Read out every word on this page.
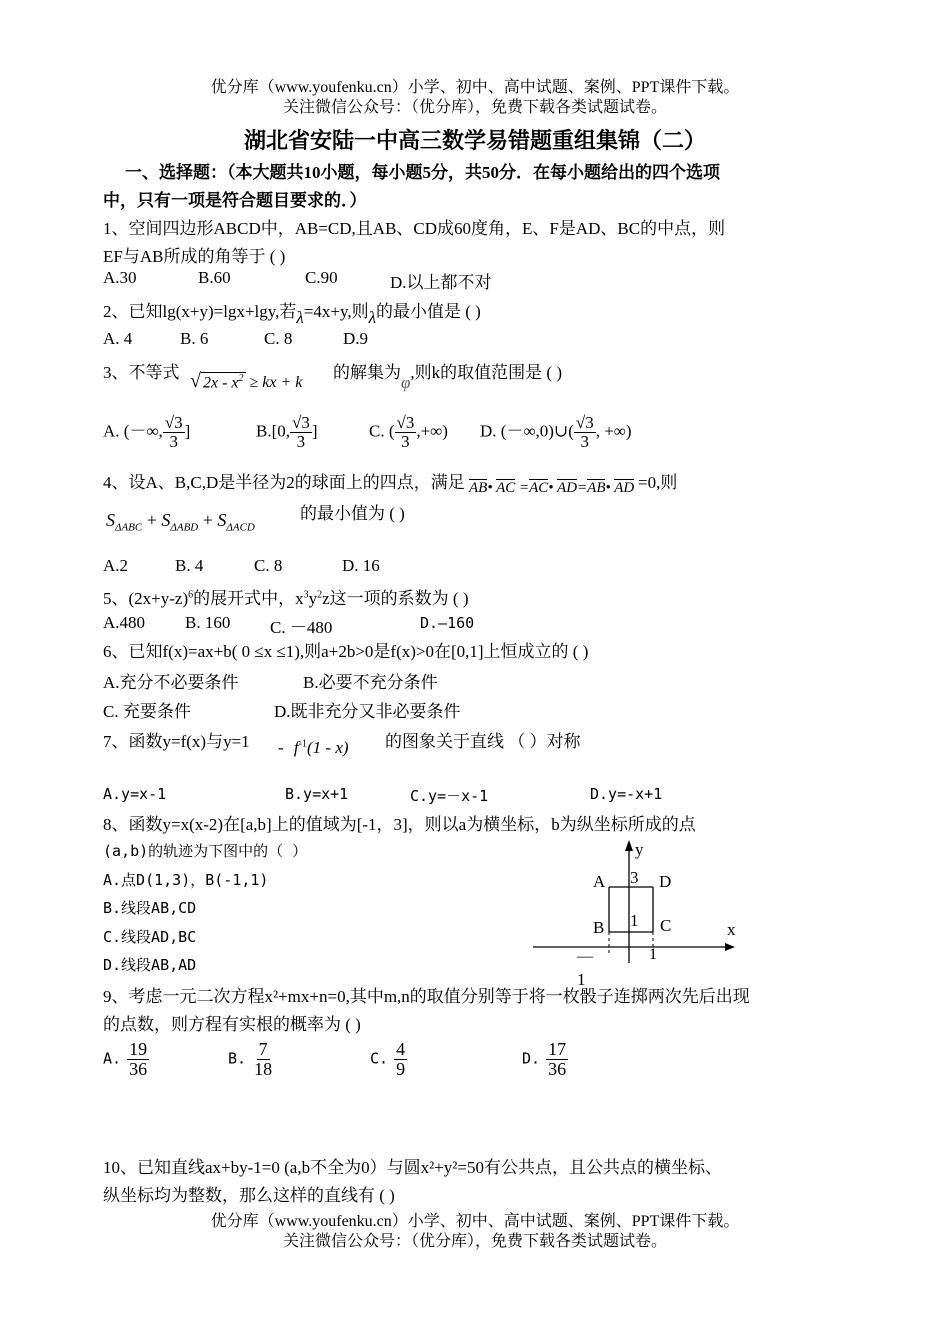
优分库（www.youfenku.cn）小学、初中、高中试题、案例、PPT课件下载。
关注微信公众号：（优分库），免费下载各类试题试卷。
湖北省安陆一中高三数学易错题重组集锦（二）
一、选择题：（本大题共10小题，每小题5分，共50分．在每小题给出的四个选项
中，只有一项是符合题目要求的．）
1、空间四边形ABCD中，AB=CD,且AB、CD成60度角，E、F是AD、BC的中点，则
EF与AB所成的角等于 ( )
A.30	B.60	C.90	D.以上都不对
2、已知lg(x+y)=lgx+lgy,若λ=4x+y,则λ的最小值是 ( )
A. 4	B. 6	C. 8	D.9
3、不等式 √ $2x - x^2$ ≥ kx + k
的解集为φ,则k的取值范围是 ( )
A. (－∞, $\frac{√3}{3}$ ]	B.[0, $\frac{√3}{3}$ ]	C. ( $\frac{√3}{3}$ ,+∞) D. (－∞,0)∪( $\frac{√3}{3}$ , +∞)
4、设A、B,C,D是半径为2的球面上的四点，满足 AB• AC =AC• AD=AB• AD =0,则
$S_{\Delta ABC} + S_{\Delta ABD} + S_{\Delta ACD}$
的最小值为 ( )
A.2	B. 4	C. 8	D. 16
5、$(2x+y-z)^6$的展开式中，$x^3y^2z$这一项的系数为 ( )
A.480 B. 160 C. －480	D.—160
6、已知f(x)=ax+b( 0 ≤x ≤1),则a+2b>0是f(x)>0在[0,1]上恒成立的 ( )
A.充分不必要条件	B.必要不充分条件
C. 充要条件	D.既非充分又非必要条件
7、函数y=f(x)与$y=1 - f^{-1}(1 - x)$ 的图象关于直线 （ ）对称
A.y=x-1	B.y=x+1	C.y=－x-1	D.y=-x+1
8、函数y=x(x-2)在[a,b]上的值域为[-1，3]，则以a为横坐标，b为纵坐标所成的点
(a,b)的轨迹为下图中的（ ）
A.点D(1,3)，B(-1,1)
B.线段AB,CD
C.线段AD,BC
D.线段AB,AD
y
x
A
B	C
D
3
1
1
—
1
9、考虑一元二次方程x²+mx+n=0,其中m,n的取值分别等于将一枚骰子连掷两次先后出现
的点数，则方程有实根的概率为 ( )
A. $\frac{19}{36}$	B. $\frac{7}{18}$	C. $\frac{4}{9}$	D. $\frac{17}{36}$
10、已知直线ax+by-1=0 (a,b不全为0）与圆x²+y²=50有公共点，且公共点的横坐标、
纵坐标均为整数，那么这样的直线有 ( )
优分库（www.youfenku.cn）小学、初中、高中试题、案例、PPT课件下载。
关注微信公众号：（优分库），免费下载各类试题试卷。
